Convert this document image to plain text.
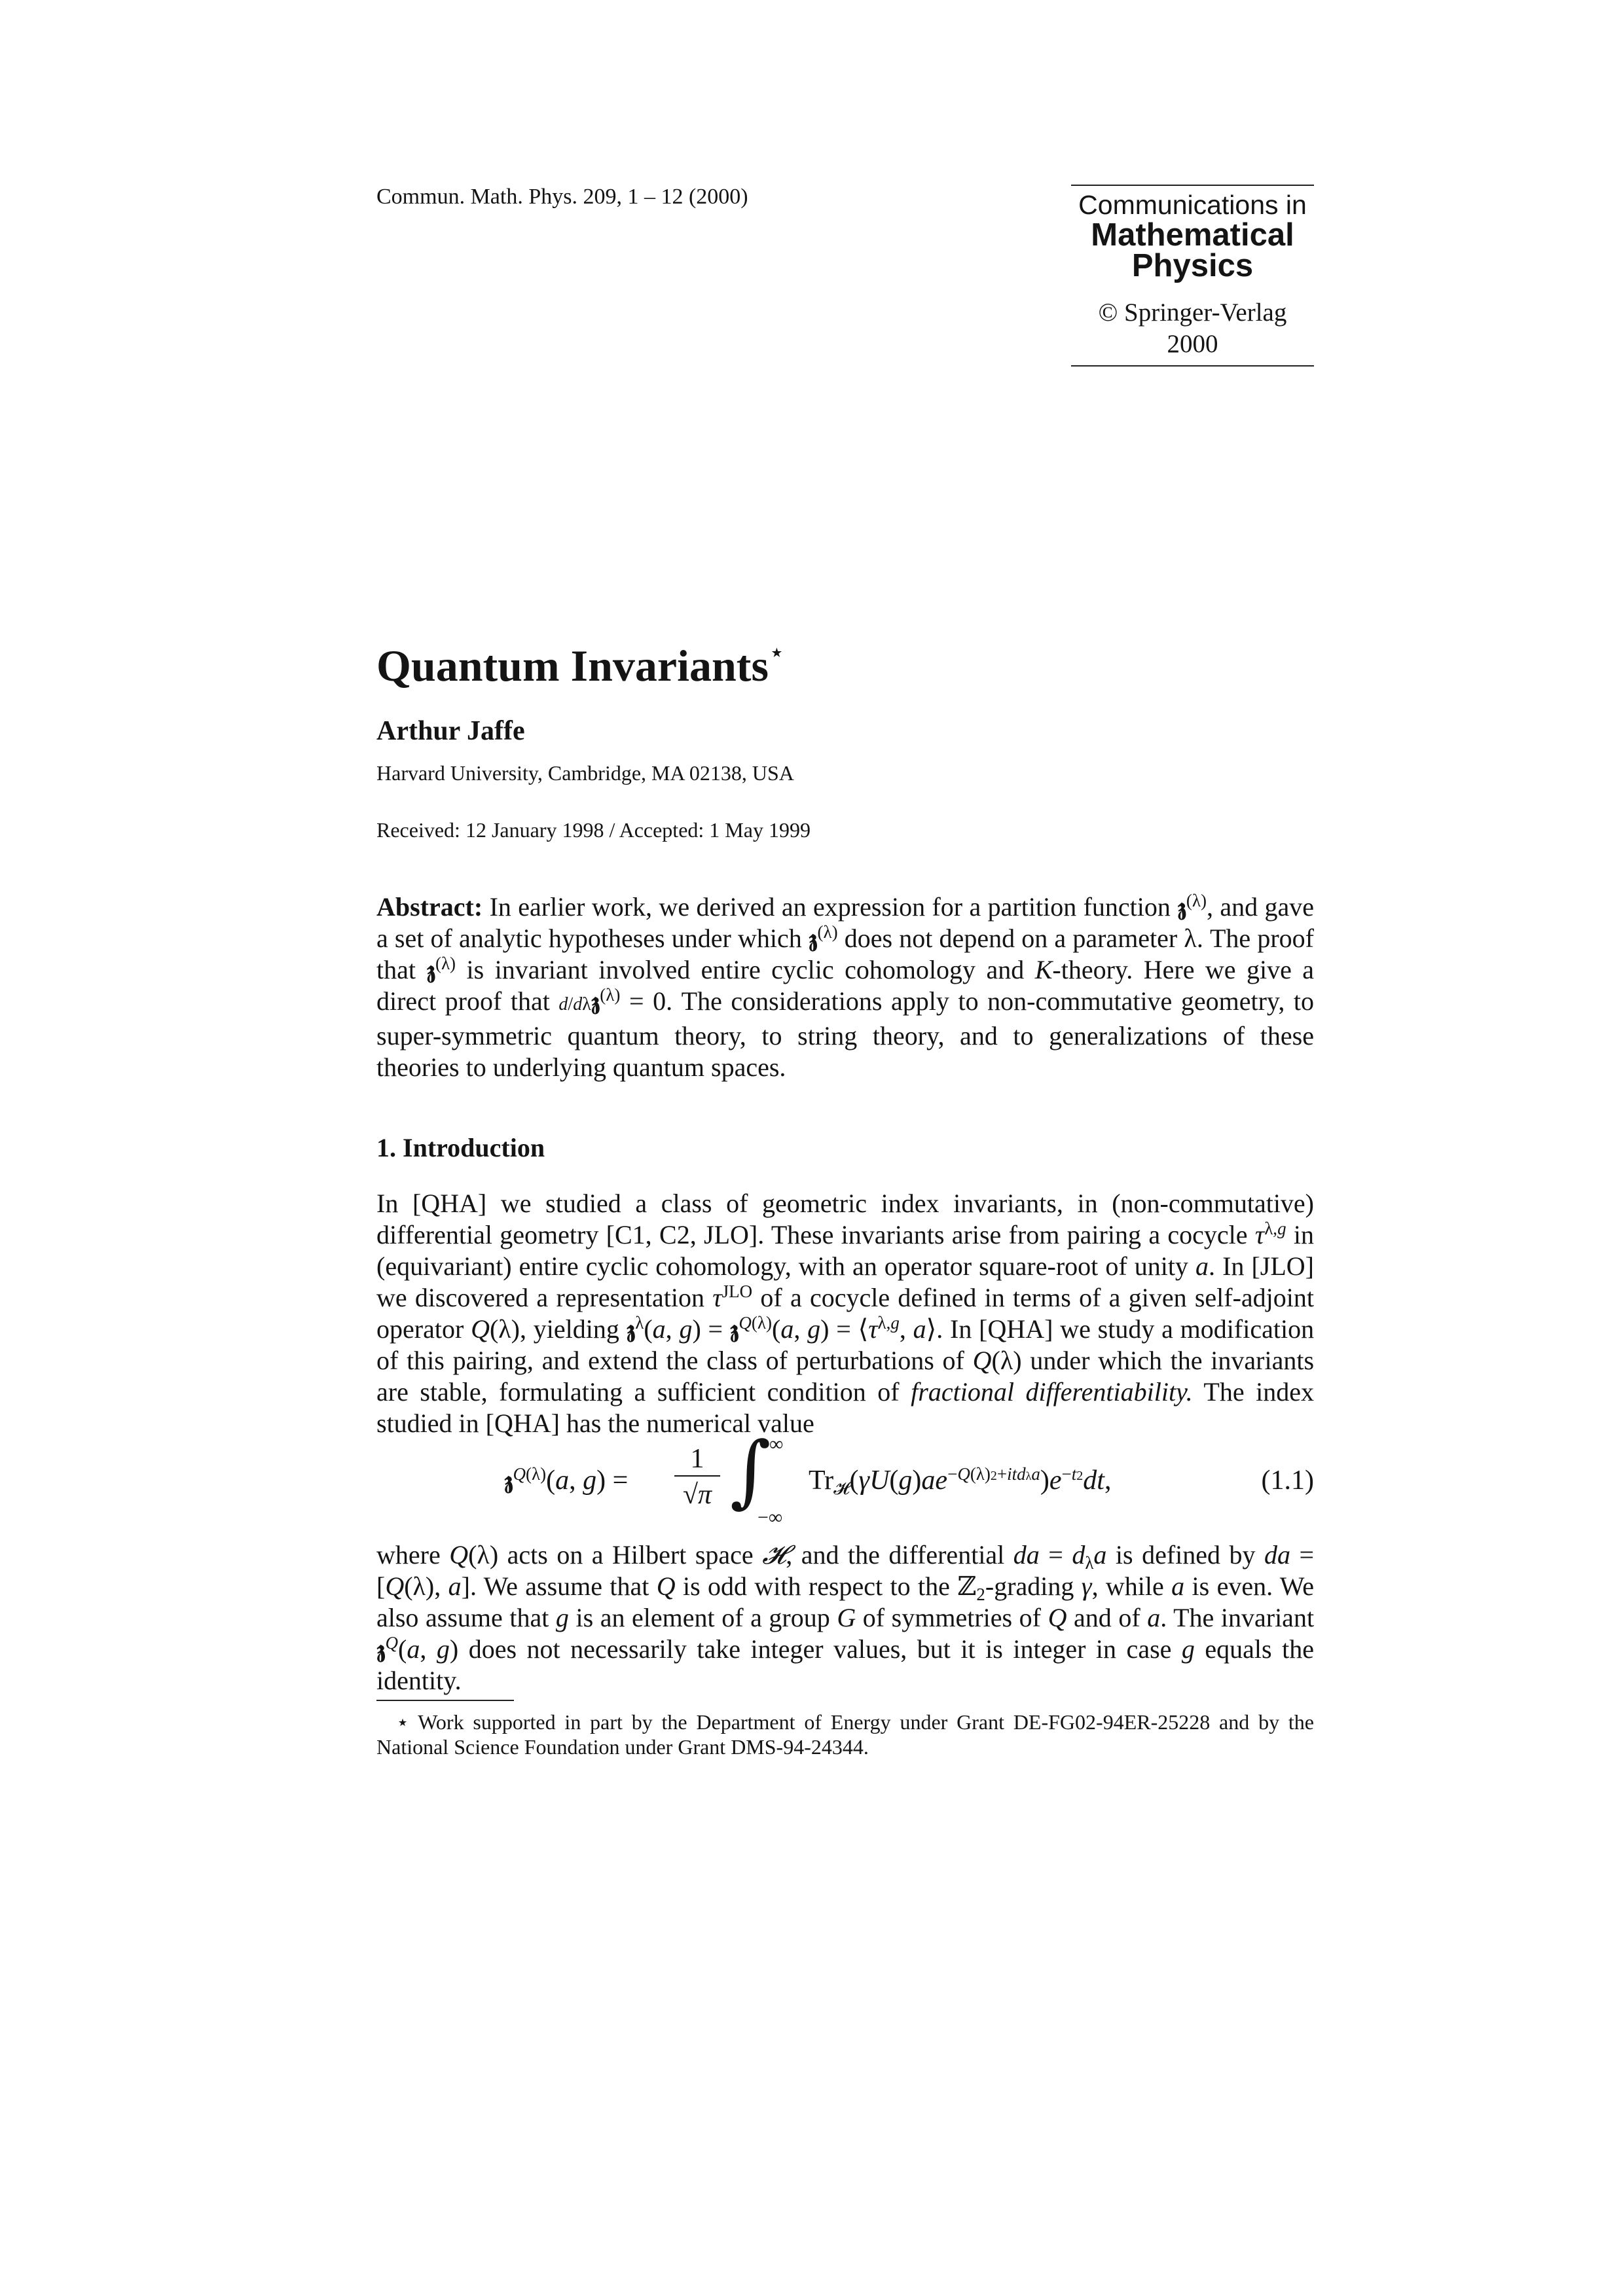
Commun. Math. Phys. 209, 1 – 12 (2000)	Communications in
Mathematical
Physics
© Springer-Verlag 2000
Quantum Invariants⋆
Arthur Jaffe
Harvard University, Cambridge, MA 02138, USA
Received: 12 January 1998 / Accepted: 1 May 1999
Abstract: In earlier work, we derived an expression for a partition function 𝖟$^{(\lambda)}$, and gave a set of analytic hypotheses under which 𝖟$^{(\lambda)}$ does not depend on a parameter λ. The proof that 𝖟$^{(\lambda)}$ is invariant involved entire cyclic cohomology and K-theory. Here we give a direct proof that d/dλ𝖟$^{(\lambda)}$ = 0. The considerations apply to non-commutative geometry, to super-symmetric quantum theory, to string theory, and to generalizations of these theories to underlying quantum spaces.
1. Introduction
In [QHA] we studied a class of geometric index invariants, in (non-commutative) differential geometry [C1, C2, JLO]. These invariants arise from pairing a cocycle $\tau^{\lambda,g}$ in (equivariant) entire cyclic cohomology, with an operator square-root of unity a. In [JLO] we discovered a representation $\tau^{JLO}$ of a cocycle defined in terms of a given self-adjoint operator Q(λ), yielding 𝖟$^\lambda$(a, g) = 𝖟$^{Q(\lambda)}$(a, $g) = ⟨\tau^{\lambda,g}$, a⟩. In [QHA] we study a modification of this pairing, and extend the class of perturbations of Q(λ) under which the invariants are stable, formulating a sufficient condition of fractional differentiability. The index studied in [QHA] has the numerical value
𝖟$^{Q(\lambda)}$(a, $g) = \frac{1}{√\pi}$ ∫
∞
−∞
$Tr_𝓗(\gamma U(g)ae^{-Q(\lambda)2+itd\lambda a})e^{-t2}dt$,	(1.1)
where Q(λ) acts on a Hilbert space 𝓗, and the differential da = $d_\lambda a$ is defined by da = [Q(λ), a]. We assume that Q is odd with respect to the ℤ$_2$-grading γ, while a is even. We also assume that g is an element of a group G of symmetries of Q and of a. The invariant 𝖟$^Q$(a, g) does not necessarily take integer values, but it is integer in case g equals the identity.
⋆ Work supported in part by the Department of Energy under Grant DE-FG02-94ER-25228 and by the National Science Foundation under Grant DMS-94-24344.
